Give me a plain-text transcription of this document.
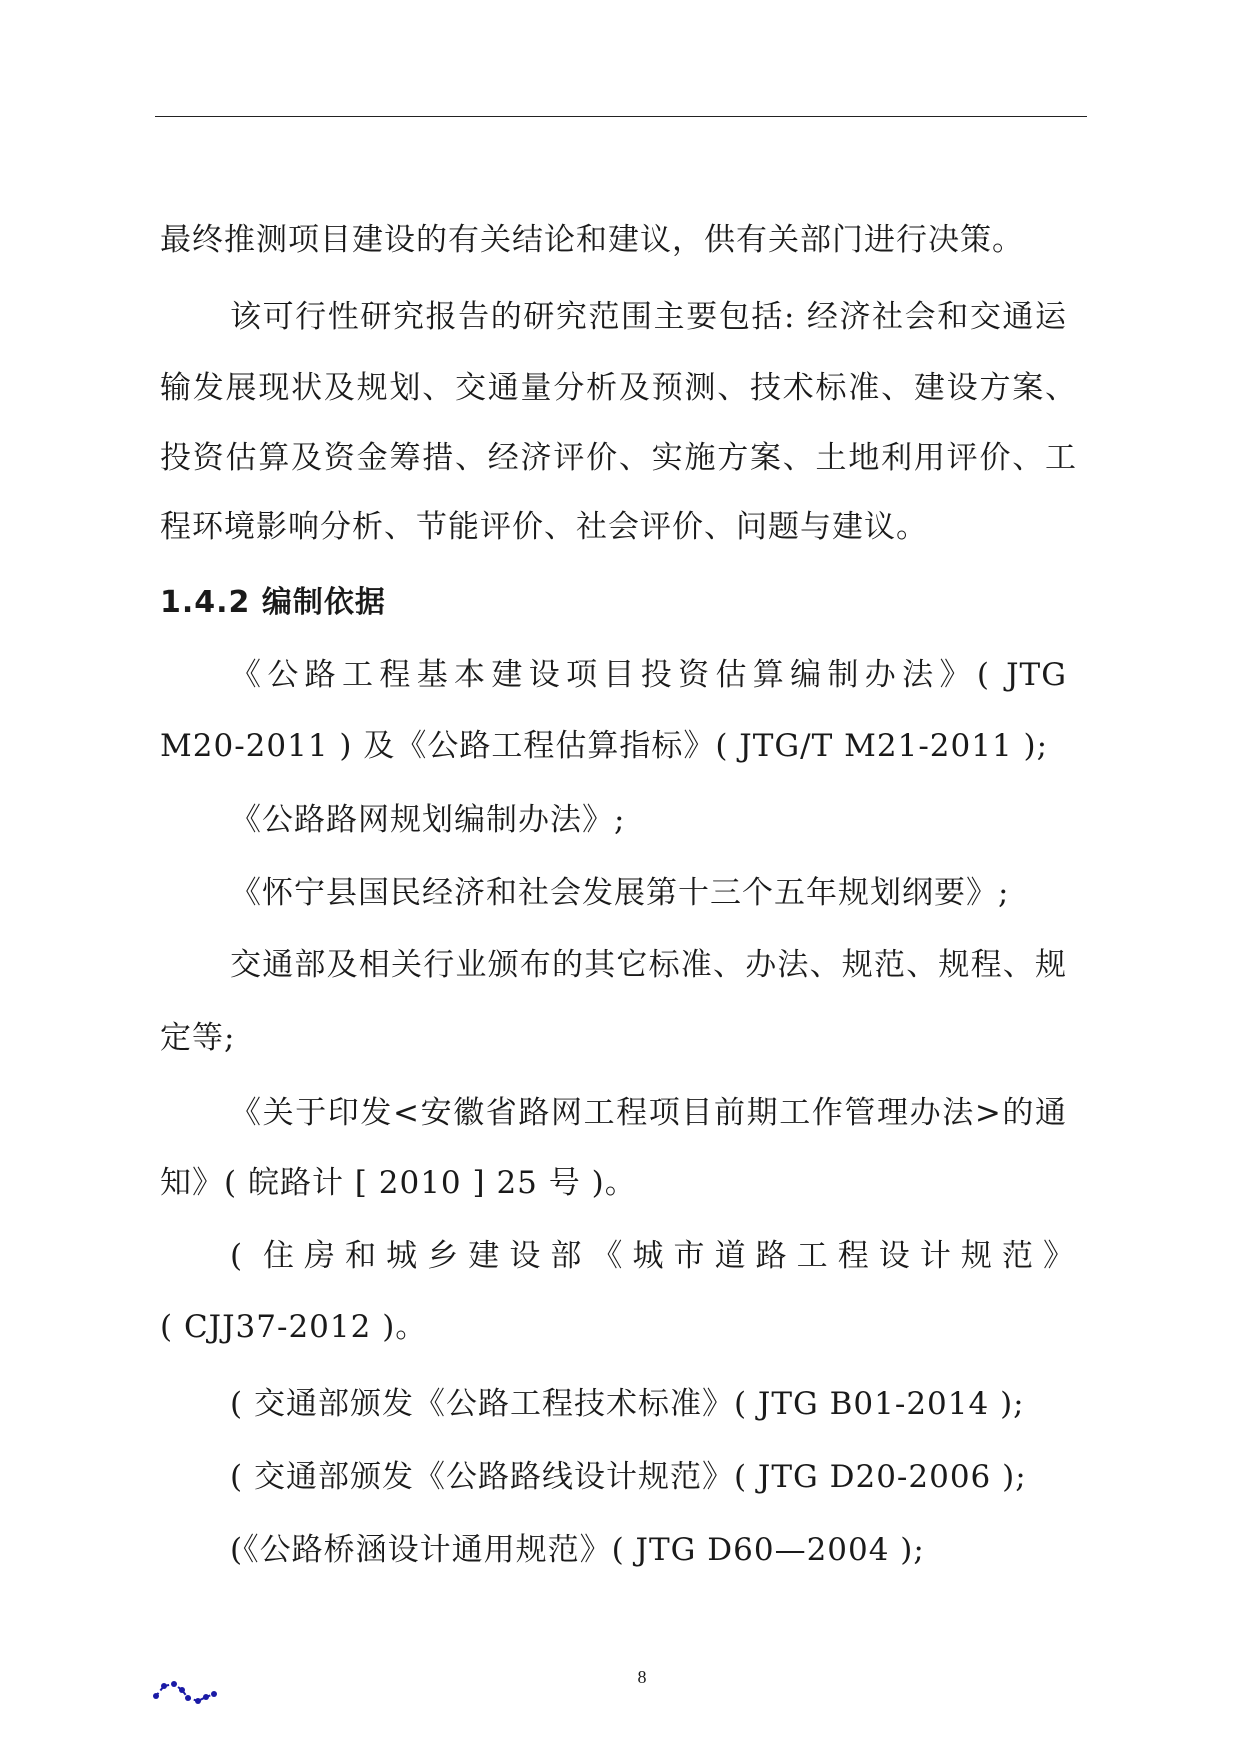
最终推测项目建设的有关结论和建议，供有关部门进行决策。
该可行性研究报告的研究范围主要包括: 经济社会和交通运
输发展现状及规划、交通量分析及预测、技术标准、建设方案、
投资估算及资金筹措、经济评价、实施方案、土地利用评价、工
程环境影响分析、节能评价、社会评价、问题与建议。
1.4.2 编制依据
《公路工程基本建设项目投资估算编制办法》( JTG
M20-2011 ) 及《公路工程估算指标》( JTG/T M21-2011 );
《公路路网规划编制办法》;
《怀宁县国民经济和社会发展第十三个五年规划纲要》;
交通部及相关行业颁布的其它标准、办法、规范、规程、规
定等;
《关于印发<安徽省路网工程项目前期工作管理办法>的通
知》( 皖路计 [ 2010 ] 25 号 )。
( 住房和城乡建设部《城市道路工程设计规范》
( CJJ37-2012 )。
( 交通部颁发《公路工程技术标准》( JTG B01-2014 );
( 交通部颁发《公路路线设计规范》( JTG D20-2006 );
(《公路桥涵设计通用规范》( JTG D60—2004 );
8
